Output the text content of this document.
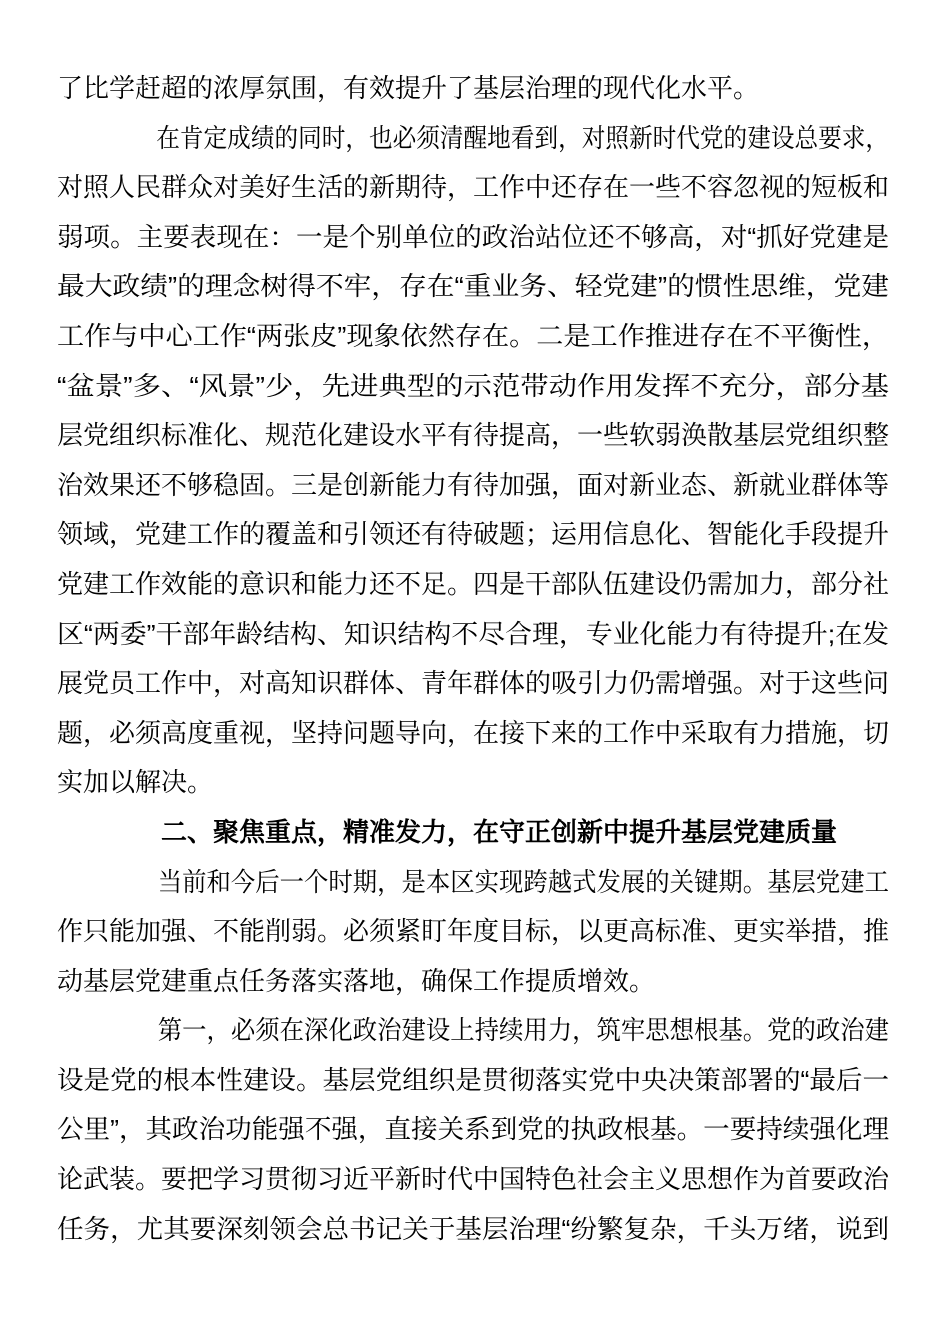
了比学赶超的浓厚氛围，有效提升了基层治理的现代化水平。

在肯定成绩的同时，也必须清醒地看到，对照新时代党的建设总要求，
对照人民群众对美好生活的新期待，工作中还存在一些不容忽视的短板和
弱项。主要表现在：一是个别单位的政治站位还不够高，对“抓好党建是
最大政绩”的理念树得不牢，存在“重业务、轻党建”的惯性思维，党建
工作与中心工作“两张皮”现象依然存在。二是工作推进存在不平衡性，
“盆景”多、“风景”少，先进典型的示范带动作用发挥不充分，部分基
层党组织标准化、规范化建设水平有待提高，一些软弱涣散基层党组织整
治效果还不够稳固。三是创新能力有待加强，面对新业态、新就业群体等
领域，党建工作的覆盖和引领还有待破题；运用信息化、智能化手段提升
党建工作效能的意识和能力还不足。四是干部队伍建设仍需加力，部分社
区“两委”干部年龄结构、知识结构不尽合理，专业化能力有待提升;在发
展党员工作中，对高知识群体、青年群体的吸引力仍需增强。对于这些问
题，必须高度重视，坚持问题导向，在接下来的工作中采取有力措施，切
实加以解决。

二、聚焦重点，精准发力，在守正创新中提升基层党建质量

当前和今后一个时期，是本区实现跨越式发展的关键期。基层党建工
作只能加强、不能削弱。必须紧盯年度目标，以更高标准、更实举措，推
动基层党建重点任务落实落地，确保工作提质增效。

第一，必须在深化政治建设上持续用力，筑牢思想根基。党的政治建
设是党的根本性建设。基层党组织是贯彻落实党中央决策部署的“最后一
公里”，其政治功能强不强，直接关系到党的执政根基。一要持续强化理
论武装。要把学习贯彻习近平新时代中国特色社会主义思想作为首要政治
任务，尤其要深刻领会总书记关于基层治理“纷繁复杂，千头万绪，说到
